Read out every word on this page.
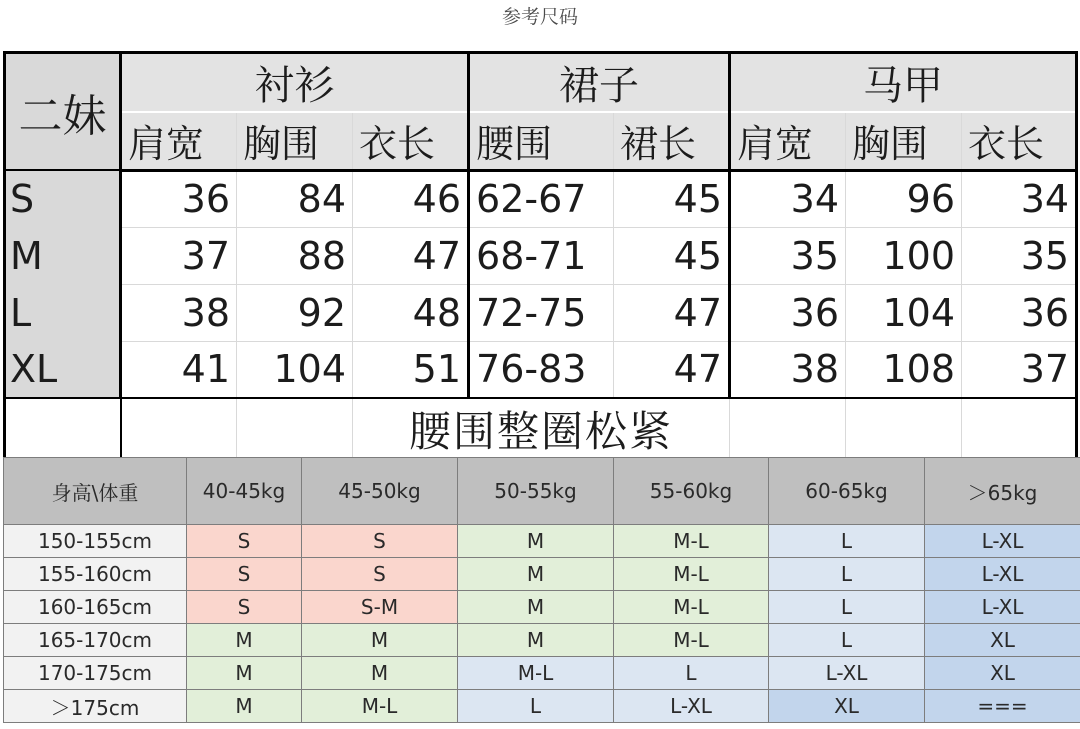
参考尺码
二妹	衬衫			裙子		马甲		
	肩宽	胸围	衣长	腰围	裙长	肩宽	胸围	衣长
S	36	84	46	62-67	45	34	96	34
M	37	88	47	68-71	45	35	100	35
L	38	92	48	72-75	47	36	104	36
XL	41	104	51	76-83	47	38	108	37
			腰围整圈松紧					
身高\体重	40-45kg	45-50kg	50-55kg	55-60kg	60-65kg	＞65kg
150-155cm	S	S	M	M-L	L	L-XL
155-160cm	S	S	M	M-L	L	L-XL
160-165cm	S	S-M	M	M-L	L	L-XL
165-170cm	M	M	M	M-L	L	XL
170-175cm	M	M	M-L	L	L-XL	XL
＞175cm	M	M-L	L	L-XL	XL	===
